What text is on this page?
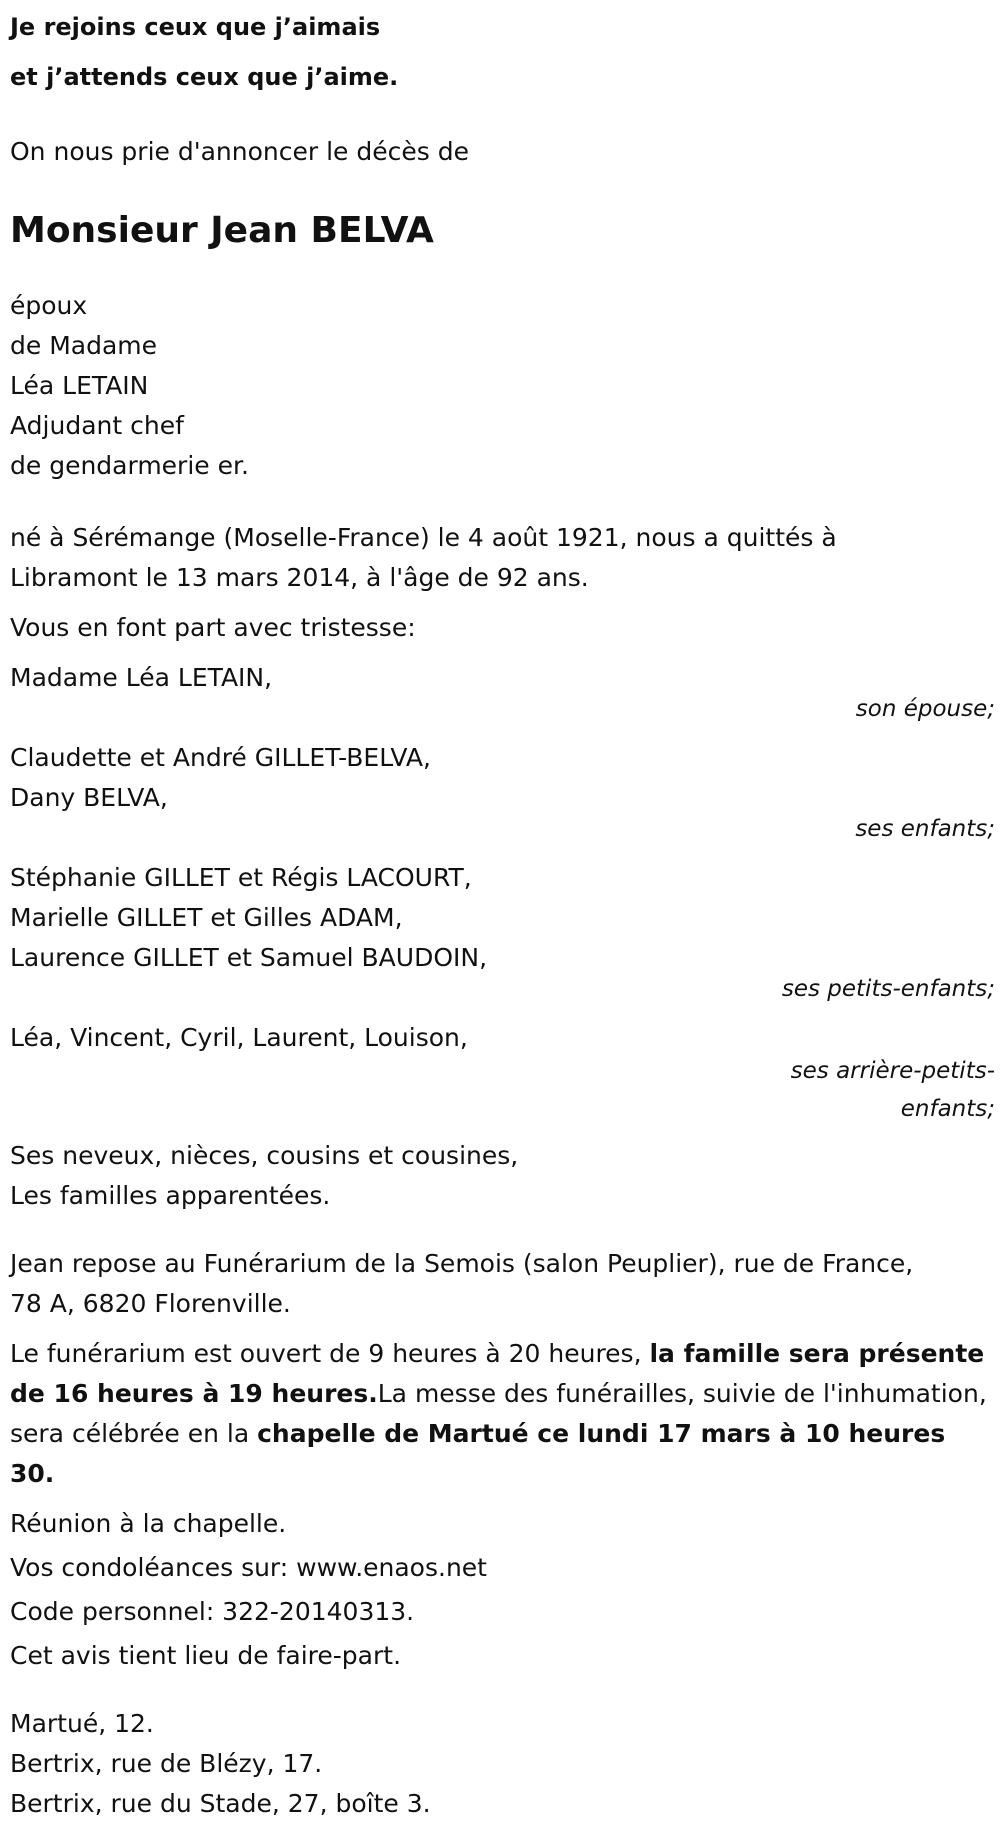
Je rejoins ceux que j’aimais
et j’attends ceux que j’aime.
On nous prie d'annoncer le décès de
Monsieur Jean BELVA
époux
de Madame
Léa LETAIN
Adjudant chef
de gendarmerie er.
né à Sérémange (Moselle-France) le 4 août 1921, nous a quittés à
Libramont le 13 mars 2014, à l'âge de 92 ans.
Vous en font part avec tristesse:
Madame Léa LETAIN,
son épouse;
Claudette et André GILLET-BELVA,
Dany BELVA,
ses enfants;
Stéphanie GILLET et Régis LACOURT,
Marielle GILLET et Gilles ADAM,
Laurence GILLET et Samuel BAUDOIN,
ses petits-enfants;
Léa, Vincent, Cyril, Laurent, Louison,
ses arrière-petits-
enfants;
Ses neveux, nièces, cousins et cousines,
Les familles apparentées.
Jean repose au Funérarium de la Semois (salon Peuplier), rue de France,
78 A, 6820 Florenville.
Le funérarium est ouvert de 9 heures à 20 heures, la famille sera présente de 16 heures à 19 heures.La messe des funérailles, suivie de l'inhumation, sera célébrée en la chapelle de Martué ce lundi 17 mars à 10 heures 30.
Réunion à la chapelle.
Vos condoléances sur: www.enaos.net
Code personnel: 322-20140313.
Cet avis tient lieu de faire-part.
Martué, 12.
Bertrix, rue de Blézy, 17.
Bertrix, rue du Stade, 27, boîte 3.
